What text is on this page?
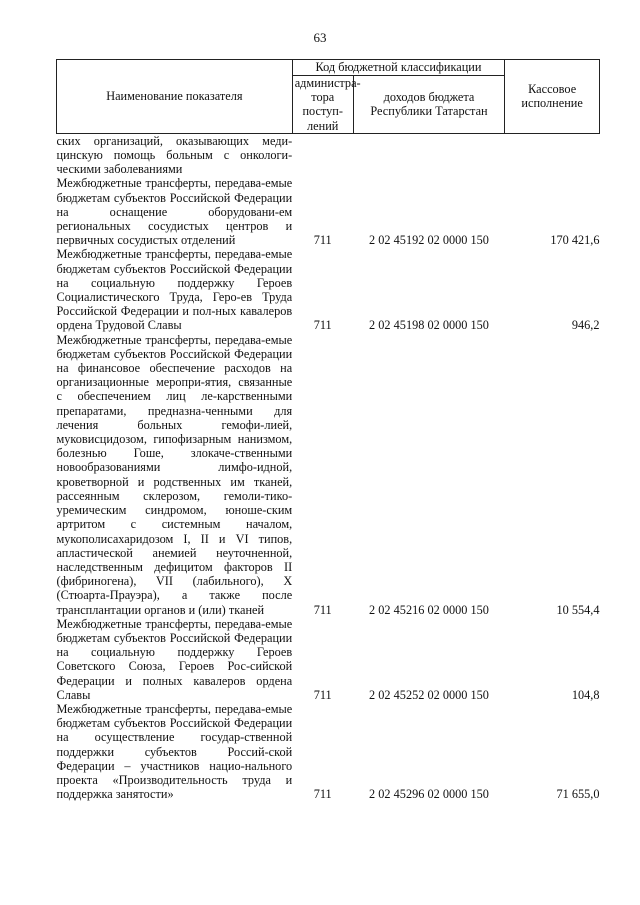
63
Наименование показателя	Код бюджетной классификации		Кассовое исполнение
	администра-тора поступ-лений	доходов бюджета Республики Татарстан	
ских организаций, оказывающих меди-цинскую помощь больным с онкологи-ческими заболеваниями			
Межбюджетные трансферты, передава-емые бюджетам субъектов Российской Федерации на оснащение оборудовани-ем региональных сосудистых центров и первичных сосудистых отделений	711	2 02 45192 02 0000 150	170 421,6
Межбюджетные трансферты, передава-емые бюджетам субъектов Российской Федерации на социальную поддержку Героев Социалистического Труда, Геро-ев Труда Российской Федерации и пол-ных кавалеров ордена Трудовой Славы	711	2 02 45198 02 0000 150	946,2
Межбюджетные трансферты, передава-емые бюджетам субъектов Российской Федерации на финансовое обеспечение расходов на организационные меропри-ятия, связанные с обеспечением лиц ле-карственными препаратами, предназна-ченными для лечения больных гемофи-лией, муковисцидозом, гипофизарным нанизмом, болезнью Гоше, злокаче-ственными новообразованиями лимфо-идной, кроветворной и родственных им тканей, рассеянным склерозом, гемоли-тико-уремическим синдромом, юноше-ским артритом с системным началом, мукополисахаридозом I, II и VI типов, апластической анемией неуточненной, наследственным дефицитом факторов II (фибриногена), VII (лабильного), X (Стюарта-Прауэра), а также после трансплантации органов и (или) тканей	711	2 02 45216 02 0000 150	10 554,4
Межбюджетные трансферты, передава-емые бюджетам субъектов Российской Федерации на социальную поддержку Героев Советского Союза, Героев Рос-сийской Федерации и полных кавалеров ордена Славы	711	2 02 45252 02 0000 150	104,8
Межбюджетные трансферты, передава-емые бюджетам субъектов Российской Федерации на осуществление государ-ственной поддержки субъектов Россий-ской Федерации – участников нацио-нального проекта «Производительность труда и поддержка занятости»	711	2 02 45296 02 0000 150	71 655,0
